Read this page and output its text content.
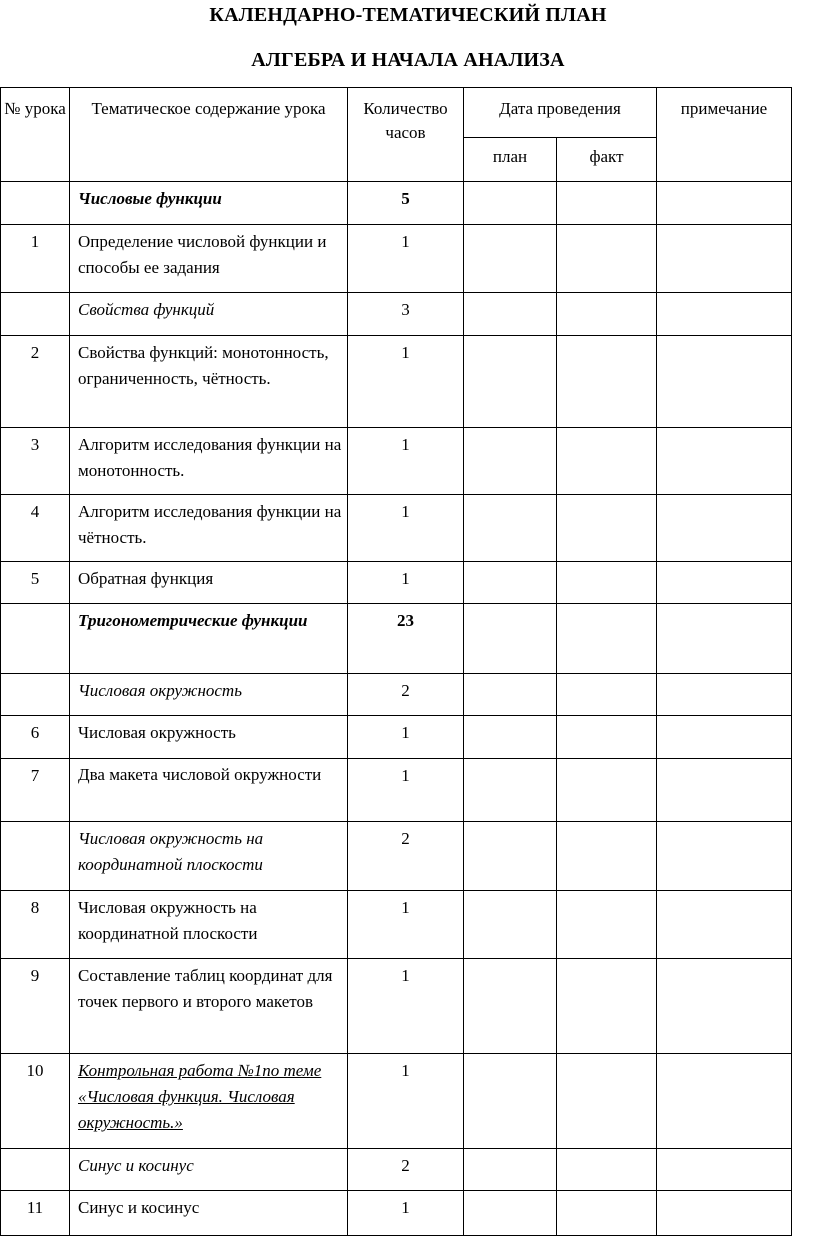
КАЛЕНДАРНО-ТЕМАТИЧЕСКИЙ ПЛАН
АЛГЕБРА И НАЧАЛА АНАЛИЗА
№ урока	Тематическое содержание урока	Количество часов	Дата проведения		примечание
			план	факт	
	Числовые функции	5			
1	Определение числовой функции и способы ее задания	1			
	Свойства функций	3			
2	Свойства функций: монотонность, ограниченность, чётность.	1			
3	Алгоритм исследования функции на монотонность.	1			
4	Алгоритм исследования функции на чётность.	1			
5	Обратная функция	1			
	Тригонометрические функции	23			
	Числовая окружность	2			
6	Числовая окружность	1			
7	Два макета числовой окружности	1			
	Числовая окружность на координатной плоскости	2			
8	Числовая окружность на координатной плоскости	1			
9	Составление таблиц координат для точек первого и второго макетов	1			
10	Контрольная работа №1по теме «Числовая функция. Числовая окружность.»	1			
	Синус и косинус	2			
11	Синус и косинус	1			
